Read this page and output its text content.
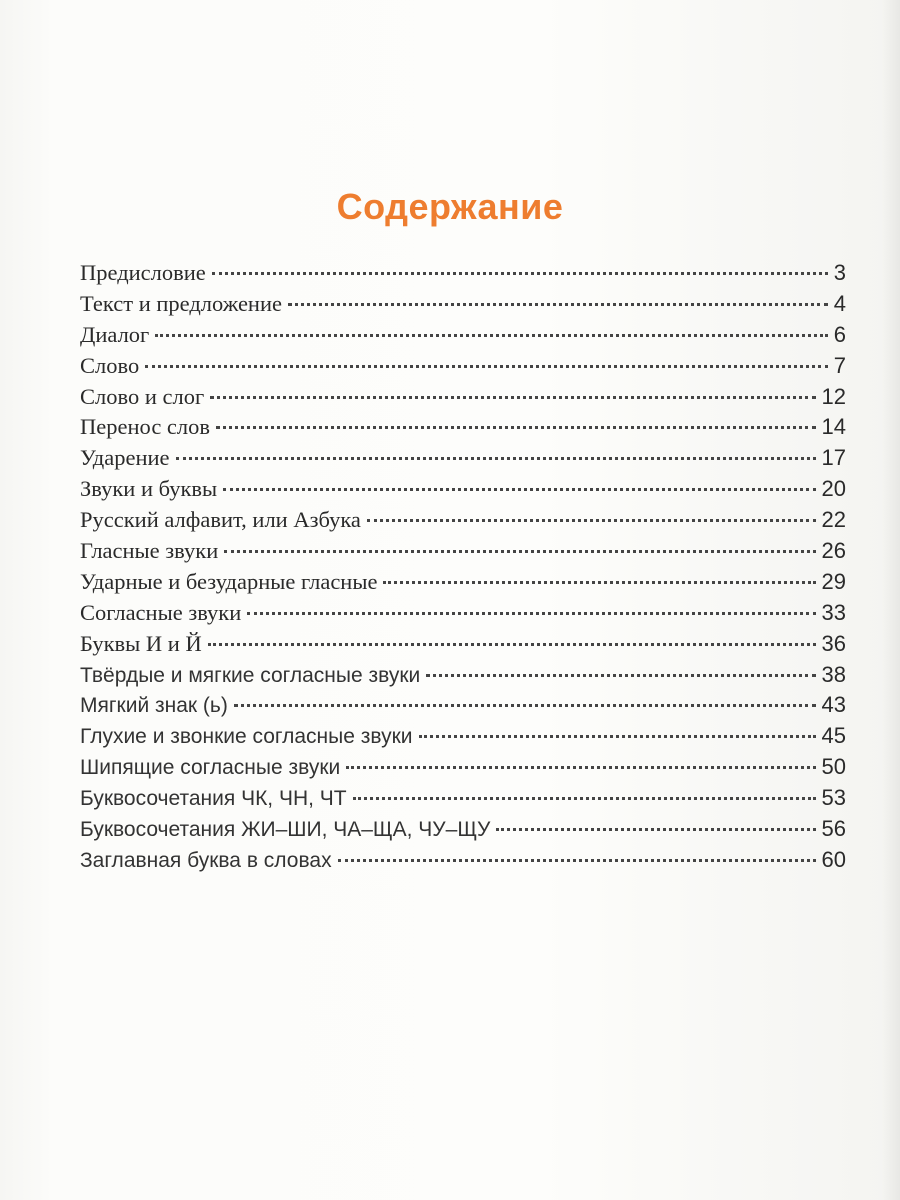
Содержание
Предисловие	3
Текст и предложение	4
Диалог	6
Слово	7
Слово и слог	12
Перенос слов	14
Ударение	17
Звуки и буквы	20
Русский алфавит, или Азбука	22
Гласные звуки	26
Ударные и безударные гласные	29
Согласные звуки	33
Буквы И и Й	36
Твёрдые и мягкие согласные звуки	38
Мягкий знак (ь)	43
Глухие и звонкие согласные звуки	45
Шипящие согласные звуки	50
Буквосочетания ЧК, ЧН, ЧТ	53
Буквосочетания ЖИ–ШИ, ЧА–ЩА, ЧУ–ЩУ	56
Заглавная буква в словах	60
